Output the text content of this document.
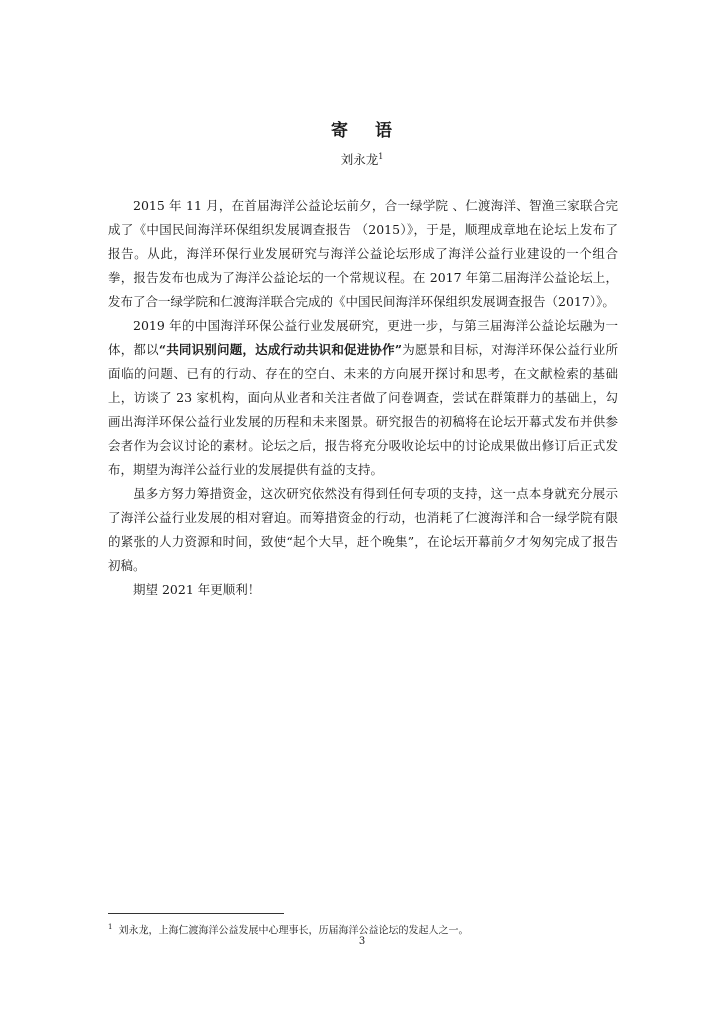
寄 语
刘永龙$^1$

2015 年 11 月，在首届海洋公益论坛前夕，合一绿学院 、仁渡海洋、智渔三家联合完成了《中国民间海洋环保组织发展调查报告 （2015）》，于是，顺理成章地在论坛上发布了报告。从此，海洋环保行业发展研究与海洋公益论坛形成了海洋公益行业建设的一个组合拳，报告发布也成为了海洋公益论坛的一个常规议程。在 2017 年第二届海洋公益论坛上，发布了合一绿学院和仁渡海洋联合完成的《中国民间海洋环保组织发展调查报告（2017）》。

2019 年的中国海洋环保公益行业发展研究，更进一步，与第三届海洋公益论坛融为一体，都以“共同识别问题，达成行动共识和促进协作”为愿景和目标，对海洋环保公益行业所面临的问题、已有的行动、存在的空白、未来的方向展开探讨和思考，在文献检索的基础上，访谈了 23 家机构，面向从业者和关注者做了问卷调查，尝试在群策群力的基础上，勾画出海洋环保公益行业发展的历程和未来图景。研究报告的初稿将在论坛开幕式发布并供参会者作为会议讨论的素材。论坛之后，报告将充分吸收论坛中的讨论成果做出修订后正式发布，期望为海洋公益行业的发展提供有益的支持。

虽多方努力筹措资金，这次研究依然没有得到任何专项的支持，这一点本身就充分展示了海洋公益行业发展的相对窘迫。而筹措资金的行动，也消耗了仁渡海洋和合一绿学院有限的紧张的人力资源和时间，致使“起个大早，赶个晚集”，在论坛开幕前夕才匆匆完成了报告初稿。

期望 2021 年更顺利！

$^1$ 刘永龙，上海仁渡海洋公益发展中心理事长，历届海洋公益论坛的发起人之一。
3
